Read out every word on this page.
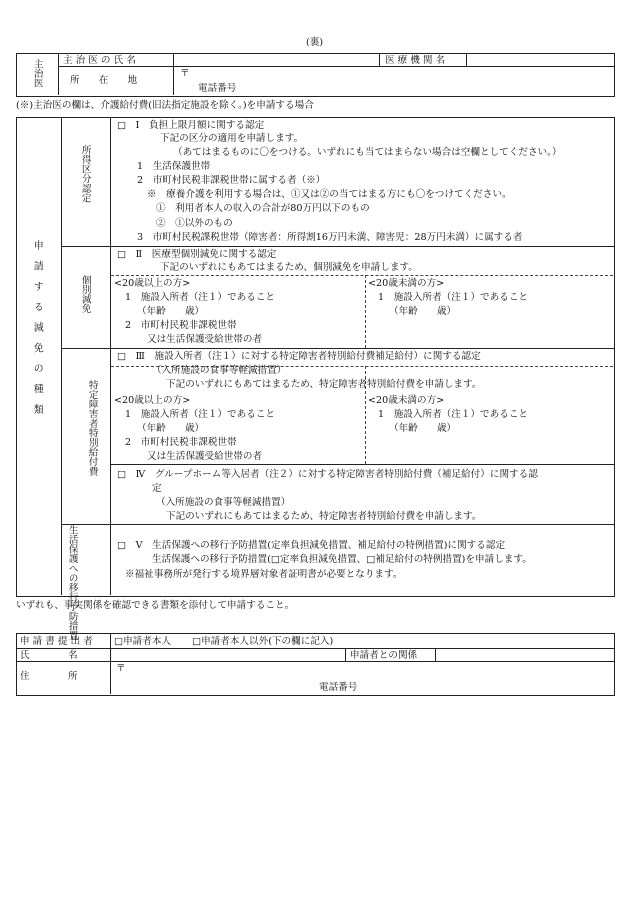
(裏)
主治医 主 治 医 の 氏 名	医 療 機 関 名
所　　在　　地
〒
電話番号
(※)主治医の欄は、介護給付費(旧法指定施設を除く。)を申請する場合
申請する減免の種類
所得区分認定
□　Ⅰ　負担上限月額に関する認定
下記の区分の適用を申請します。
（あてはまるものに〇をつけ​る。いずれにも当てはまらない場合は空欄としてください。）
1　生活保護世帯
2　市町村民税非課税世帯に属する者（※）
※　療養介護を利用する場合は、①又は②の当てはまる方にも〇をつけてください。
①　利用者本人の収入の合計が80万円以下のもの
②　①以外のもの
3　市町村民税課税世帯（障害者：所得割16万円未満、障害児：28万円未満）に属する者
個別減免
□　Ⅱ　医療型個別減免に関する認定
下記のいずれにもあてはまるため、個別減免を申請します。
<20歳以上の方>
1　施設入所者（注１）であること
（年齢　　歳）
2　市町村民税非課税世帯
又は生活保護受給世帯の者
<20歳未満の方>
1　施設入所者（注１）であること
（年齢　　歳）
特定障害者特別給付費
□　Ⅲ　施設入所者（注１）に対する特定障害者特別給付費補足給付）に関する認定
（入所施設の食事等軽減措置）
下記のいずれにもあてはまるため、特定障害者特別給付費を申請します。
<20歳以上の方>
1　施設入所者（注１）であること
（年齢　　歳）
2　市町村民税非課税世帯
又は生活保護受給世帯の者
<20歳未満の方>
1　施設入所者（注１）であること
（年齢　　歳）
□　Ⅳ　グループホーム等入居者（注２）に対する特定障害者特別給付費（補足給付）に関する認
定
（入所施設の食事等軽減措置）
下記のいずれにもあてはまるため、特定障害者特別給付費を申請します。
生活保護への移行予防措置	□　Ⅴ　生活保護への移行予防措置(定率負担減免措置、補足給付の特例措置)に関する認定
生活保護への移行予防措置(□定率負担減免措置、□補足給付の特例措置)を申請します。
※福祉事務所が発行する境界層対象者証明書が必要となります。
いずれも、事実関係を確認できる書類を添付して申請すること。
申 請 書 提 出 者 □申請者本人 □申請者本人以外(下の欄に記入)
氏　　　　名	申請者との関係
住　　　　所
〒
電話番号
